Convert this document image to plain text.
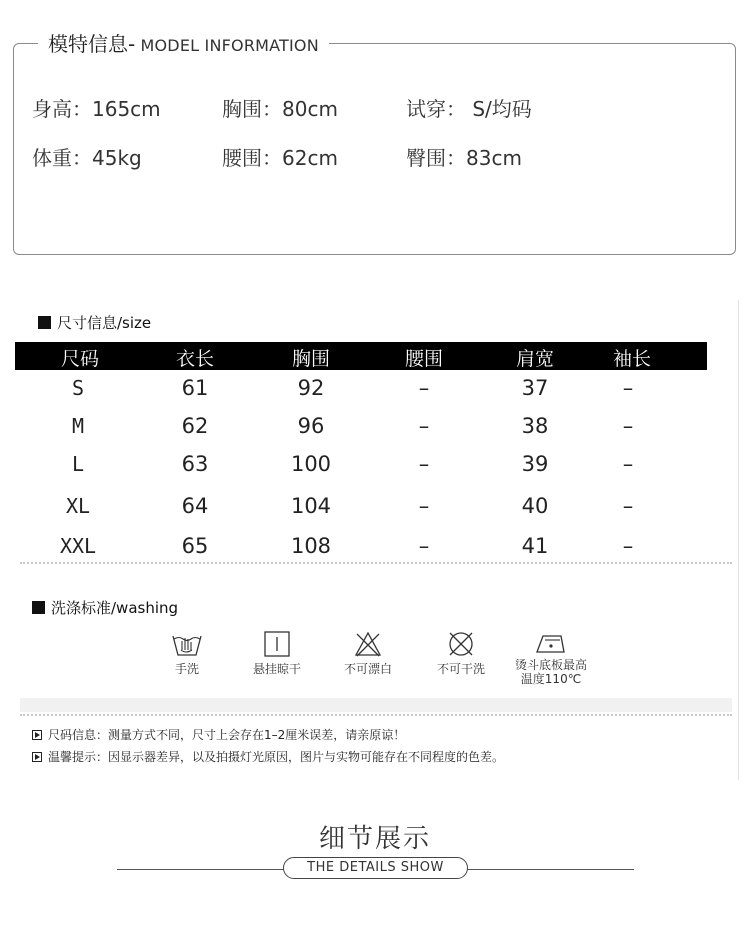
模特信息- MODEL INFORMATION
身高：165cm	胸围：80cm	试穿： S/均码
体重：45kg	腰围：62cm	臀围：83cm
尺寸信息/size
尺码	衣长	胸围	腰围	肩宽	袖长
S	61	92	–	37	–
M	62	96	–	38	–
L	63	100	–	39	–
XL	64	104	–	40	–
XXL	65	108	–	41	–
洗涤标准/washing
手洗	悬挂晾干	不可漂白	不可干洗	烫斗底板最高
温度110℃
尺码信息：测量方式不同，尺寸上会存在1–2厘米误差，请亲原谅！
温馨提示：因显示器差异，以及拍摄灯光原因，图片与实物可能存在不同程度的色差。
细节展示
THE DETAILS SHOW
